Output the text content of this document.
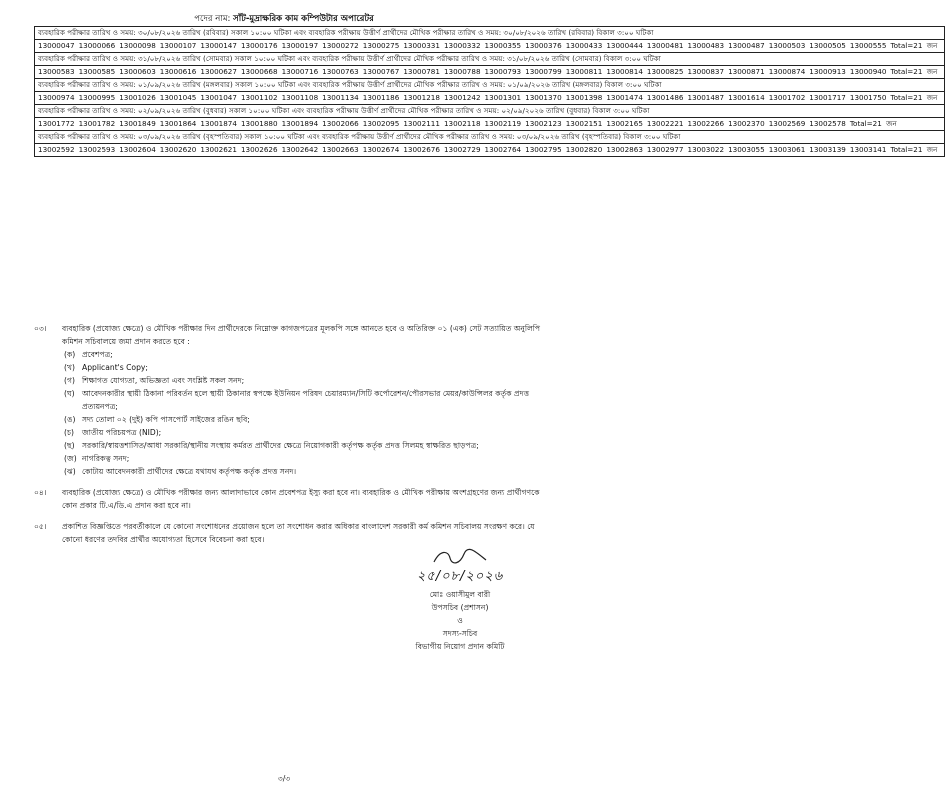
পদের নাম: সাঁট-মুদ্রাক্ষরিক কাম কম্পিউটার অপারেটর
ব্যবহারিক পরীক্ষার তারিখ ও সময়: ৩০/০৮/২০২৬ তারিখ (রবিবার) সকাল ১০:০০ ঘটিকা এবং ব্যবহারিক পরীক্ষায় উত্তীর্ণ প্রার্থীদের মৌখিক পরীক্ষার তারিখ ও সময়: ৩০/০৮/২০২৬ তারিখ (রবিবার) বিকাল ৩:০০ ঘটিকা
13000047 13000066 13000098 13000107 13000147 13000176 13000197 13000272 13000275 13000331 13000332 13000355 13000376 13000433 13000444 13000481 13000483 13000487 13000503 13000505 13000555 Total=21 জন
ব্যবহারিক পরীক্ষার তারিখ ও সময়: ৩১/০৮/২০২৬ তারিখ (সোমবার) সকাল ১০:০০ ঘটিকা এবং ব্যবহারিক পরীক্ষায় উত্তীর্ণ প্রার্থীদের মৌখিক পরীক্ষার তারিখ ও সময়: ৩১/০৮/২০২৬ তারিখ (সোমবার) বিকাল ৩:০০ ঘটিকা
13000583 13000585 13000603 13000616 13000627 13000668 13000716 13000763 13000767 13000781 13000788 13000793 13000799 13000811 13000814 13000825 13000837 13000871 13000874 13000913 13000940 Total=21 জন
ব্যবহারিক পরীক্ষার তারিখ ও সময়: ০১/০৯/২০২৬ তারিখ (মঙ্গলবার) সকাল ১০:০০ ঘটিকা এবং ব্যবহারিক পরীক্ষায় উত্তীর্ণ প্রার্থীদের মৌখিক পরীক্ষার তারিখ ও সময়: ০১/০৯/২০২৬ তারিখ (মঙ্গলবার) বিকাল ৩:০০ ঘটিকা
13000974 13000995 13001026 13001045 13001047 13001102 13001108 13001134 13001186 13001218 13001242 13001301 13001370 13001398 13001474 13001486 13001487 13001614 13001702 13001717 13001750 Total=21 জন
ব্যবহারিক পরীক্ষার তারিখ ও সময়: ০২/০৯/২০২৬ তারিখ (বুধবার) সকাল ১০:০০ ঘটিকা এবং ব্যবহারিক পরীক্ষায় উত্তীর্ণ প্রার্থীদের মৌখিক পরীক্ষার তারিখ ও সময়: ০২/০৯/২০২৬ তারিখ (বুধবার) বিকাল ৩:০০ ঘটিকা
13001772 13001782 13001849 13001864 13001874 13001880 13001894 13002066 13002095 13002111 13002118 13002119 13002123 13002151 13002165 13002221 13002266 13002370 13002569 13002578 Total=21 জন
ব্যবহারিক পরীক্ষার তারিখ ও সময়: ০৩/০৯/২০২৬ তারিখ (বৃহস্পতিবার) সকাল ১০:০০ ঘটিকা এবং ব্যবহারিক পরীক্ষায় উত্তীর্ণ প্রার্থীদের মৌখিক পরীক্ষার তারিখ ও সময়: ০৩/০৯/২০২৬ তারিখ (বৃহস্পতিবার) বিকাল ৩:০০ ঘটিকা
13002592 13002593 13002604 13002620 13002621 13002626 13002642 13002663 13002674 13002676 13002729 13002764 13002795 13002820 13002863 13002977 13003022 13003055 13003061 13003139 13003141 Total=21 জন
০৩। ব্যবহারিক (প্রযোজ্য ক্ষেত্রে) ও মৌখিক পরীক্ষার দিন প্রার্থীদেরকে নিম্নোক্ত কাগজপত্রের মূলকপি সঙ্গে আনতে হবে ও অতিরিক্ত ০১ (এক) সেট সত্যায়িত অনুলিপি কমিশন সচিবালয়ে জমা প্রদান করতে হবে :

(ক) প্রবেশপত্র;
(খ) Applicant's Copy;
(গ) শিক্ষাগত যোগ্যতা, অভিজ্ঞতা এবং সংশ্লিষ্ট সকল সনদ;
(ঘ) আবেদনকারীর স্থায়ী ঠিকানা পরিবর্তন হলে স্থায়ী ঠিকানার স্বপক্ষে ইউনিয়ন পরিষদ চেয়ারম্যান/সিটি কর্পোরেশন/পৌরসভার মেয়র/কাউন্সিলর কর্তৃক প্রদত্ত প্রত্যয়নপত্র;
(ঙ) সদ্য তোলা ০২ (দুই) কপি পাসপোর্ট সাইজের রঙিন ছবি;
(চ)	জাতীয় পরিচয়পত্র (NID);
(ছ) সরকারি/স্বায়ত্তশাসিত/আধা সরকারি/স্থানীয় সংস্থায় কর্মরত প্রার্থীদের ক্ষেত্রে নিয়োগকারী কর্তৃপক্ষ কর্তৃক প্রদত্ত সিলমহ স্বাক্ষরিত ছাড়পত্র;
(জ) নাগরিকত্ব সনদ;
(ঝ) কোটায় আবেদনকারী প্রার্থীদের ক্ষেত্রে যথাযথ কর্তৃপক্ষ কর্তৃক প্রদত্ত সনদ।
০৪। ব্যবহারিক (প্রযোজ্য ক্ষেত্রে) ও মৌখিক পরীক্ষার জন্য আলাদাভাবে কোন প্রবেশপত্র ইস্যু করা হবে না। ব্যবহারিক ও মৌখিক পরীক্ষায় অংশগ্রহণের জন্য প্রার্থীগণকে কোন প্রকার টি.এ/ডি.এ প্রদান করা হবে না।

০৫। প্রকাশিত বিজ্ঞপ্তিতে পরবর্তীকালে যে কোনো সংশোধনের প্রয়োজন হলে তা সংশোধন করার অধিকার বাংলাদেশ সরকারী কর্ম কমিশন সচিবালয় সংরক্ষণ করে। যে কোনো ধরণের তদবির প্রার্থীর অযোগ্যতা হিসেবে বিবেচনা করা হবে।

২৫/০৮/২০২৬
মোঃ ওয়াসীমুল বারী
উপসচিব (প্রশাসন)
ও
সদস্য-সচিব
বিভাগীয় নিয়োগ প্রদান কমিটি
৩/৩
